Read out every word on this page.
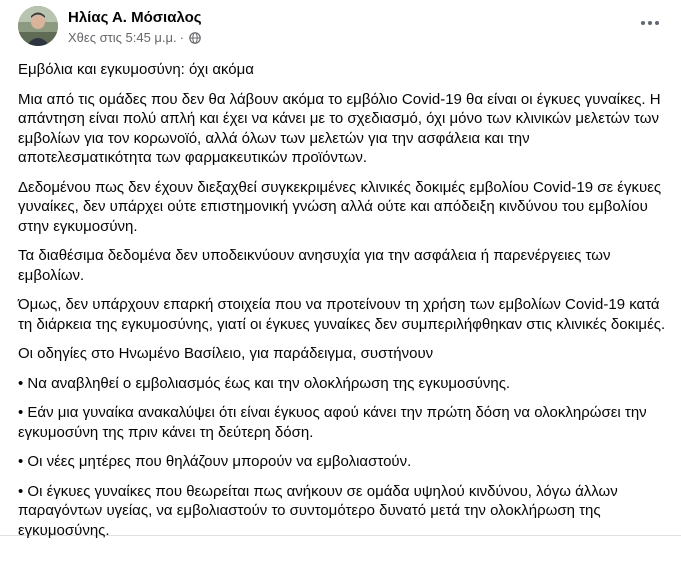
Ηλίας Α. Μόσιαλος
Χθες στις 5:45 μ.μ. ·

Εμβόλια και εγκυμοσύνη: όχι ακόμα

Μια από τις ομάδες που δεν θα λάβουν ακόμα το εμβόλιο Covid-19 θα είναι οι έγκυες γυναίκες. Η απάντηση είναι πολύ απλή και έχει να κάνει με το σχεδιασμό, όχι μόνο των κλινικών μελετών των εμβολίων για τον κορωνοϊό, αλλά όλων των μελετών για την ασφάλεια και την αποτελεσματικότητα των φαρμακευτικών προϊόντων.

Δεδομένου πως δεν έχουν διεξαχθεί συγκεκριμένες κλινικές δοκιμές εμβολίου Covid-19 σε έγκυες γυναίκες, δεν υπάρχει ούτε επιστημονική γνώση αλλά ούτε και απόδειξη κινδύνου του εμβολίου στην εγκυμοσύνη.

Τα διαθέσιμα δεδομένα δεν υποδεικνύουν ανησυχία για την ασφάλεια ή παρενέργειες των εμβολίων.

Όμως, δεν υπάρχουν επαρκή στοιχεία που να προτείνουν τη χρήση των εμβολίων Covid-19 κατά τη διάρκεια της εγκυμοσύνης, γιατί οι έγκυες γυναίκες δεν συμπεριλήφθηκαν στις κλινικές δοκιμές.

Οι οδηγίες στο Ηνωμένο Βασίλειο, για παράδειγμα, συστήνουν

• Να αναβληθεί ο εμβολιασμός έως και την ολοκλήρωση της εγκυμοσύνης.

• Εάν μια γυναίκα ανακαλύψει ότι είναι έγκυος αφού κάνει την πρώτη δόση να ολοκληρώσει την εγκυμοσύνη της πριν κάνει τη δεύτερη δόση.

• Οι νέες μητέρες που θηλάζουν μπορούν να εμβολιαστούν.

• Οι έγκυες γυναίκες που θεωρείται πως ανήκουν σε ομάδα υψηλού κινδύνου, λόγω άλλων παραγόντων υγείας, να εμβολιαστούν το συντομότερο δυνατό μετά την ολοκλήρωση της εγκυμοσύνης.
